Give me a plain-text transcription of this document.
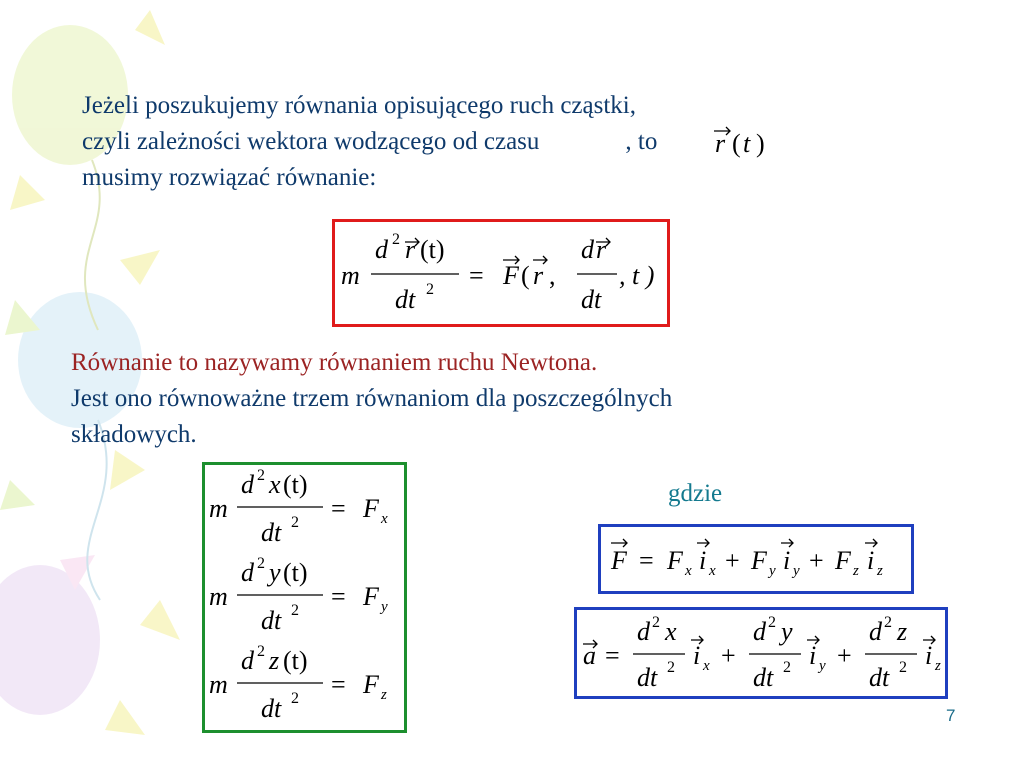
Jeżeli poszukujemy równania opisującego ruch cząstki,
czyli zależności wektora wodzącego od czasu	, to
musimy rozwiązać równanie:
r ( t )
m
d 2 r (t)
dt 2 = F ( r ,
d r
dt
, t )
Równanie to nazywamy równaniem ruchu Newtona.
Jest ono równoważne trzem równaniom dla poszczególnych
składowych.
m
d 2 x (t)
dt 2 = F x
m
d 2 y (t)
dt 2 = F y
m
d 2 z (t)
dt 2 = F z
gdzie
F = F x i x + F y i y + F z i z
a =
d 2 x
dt 2 i x +
d 2 y
dt 2 i y +
d 2 z
dt 2 i z
7
